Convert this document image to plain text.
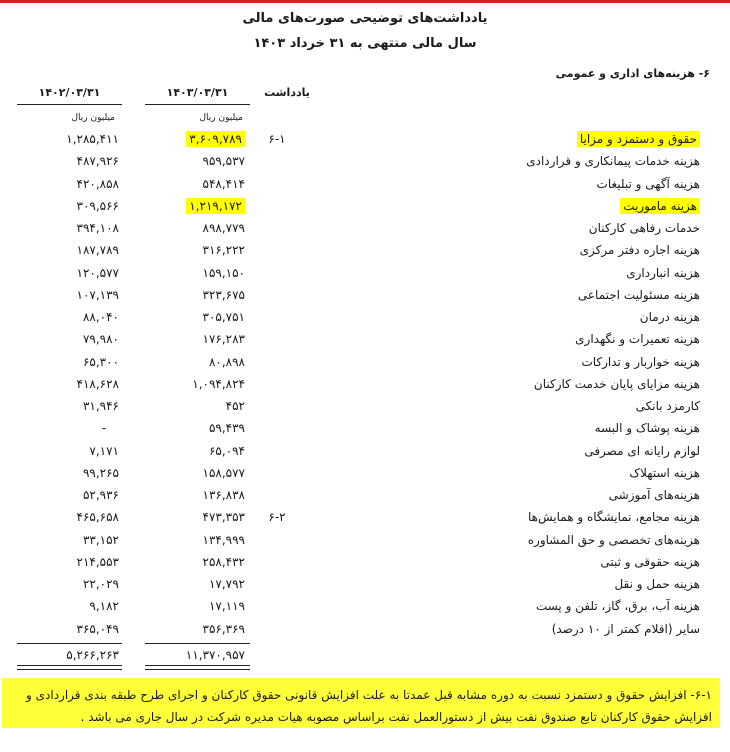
یادداشت‌های توضیحی صورت‌های مالی
سال مالی منتهی به ۳۱ خرداد ۱۴۰۳
۶- هزینه‌های اداری و عمومی
یادداشت
۱۴۰۳/۰۳/۳۱
۱۴۰۲/۰۳/۳۱
میلیون ریال
میلیون ریال
حقوق و دستمزد و مزایا
۶-۱
۳,۶۰۹,۷۸۹
۱,۲۸۵,۴۱۱
هزینه خدمات پیمانکاری و قراردادی
۹۵۹,۵۳۷
۴۸۷,۹۲۶
هزینه آگهی و تبلیغات
۵۴۸,۴۱۴
۴۲۰,۸۵۸
هزینه ماموریت
۱,۲۱۹,۱۷۲
۳۰۹,۵۶۶
خدمات رفاهی کارکنان
۸۹۸,۷۷۹
۳۹۴,۱۰۸
هزینه اجاره دفتر مرکزی
۳۱۶,۲۲۲
۱۸۷,۷۸۹
هزینه انبارداری
۱۵۹,۱۵۰
۱۲۰,۵۷۷
هزینه مسئولیت اجتماعی
۳۲۳,۶۷۵
۱۰۷,۱۳۹
هزینه درمان
۳۰۵,۷۵۱
۸۸,۰۴۰
هزینه تعمیرات و نگهداری
۱۷۶,۲۸۳
۷۹,۹۸۰
هزینه خواربار و تدارکات
۸۰,۸۹۸
۶۵,۳۰۰
هزینه مزایای پایان خدمت کارکنان
۱,۰۹۴,۸۲۴
۴۱۸,۶۲۸
کارمزد بانکی
۴۵۲
۳۱,۹۴۶
هزینه پوشاک و البسه
۵۹,۴۳۹
-
لوازم رایانه ای مصرفی
۶۵,۰۹۴
۷,۱۷۱
هزینه استهلاک
۱۵۸,۵۷۷
۹۹,۲۶۵
هزینه‌های آموزشی
۱۳۶,۸۳۸
۵۲,۹۳۶
هزینه مجامع، نمایشگاه و همایش‌ها
۶-۲
۴۷۳,۳۵۳
۴۶۵,۶۵۸
هزینه‌های تخصصی و حق المشاوره
۱۳۴,۹۹۹
۳۳,۱۵۲
هزینه حقوقی و ثبتی
۲۵۸,۴۳۲
۲۱۴,۵۵۳
هزینه حمل و نقل
۱۷,۷۹۲
۲۲,۰۲۹
هزینه آب، برق، گاز، تلفن و پست
۱۷,۱۱۹
۹,۱۸۲
سایر (اقلام کمتر از ۱۰ درصد)
۳۵۶,۳۶۹
۳۶۵,۰۴۹
۱۱,۳۷۰,۹۵۷
۵,۲۶۶,۲۶۳
۶-۱- افزایش حقوق و دستمزد نسبت به دوره مشابه قبل عمدتا به علت افزایش قانونی حقوق کارکنان و اجرای طرح طبقه بندی قراردادی و افزایش حقوق کارکنان تابع صندوق نفت بیش از دستورالعمل نفت براساس مصوبه هیات مدیره شرکت در سال جاری می باشد .
